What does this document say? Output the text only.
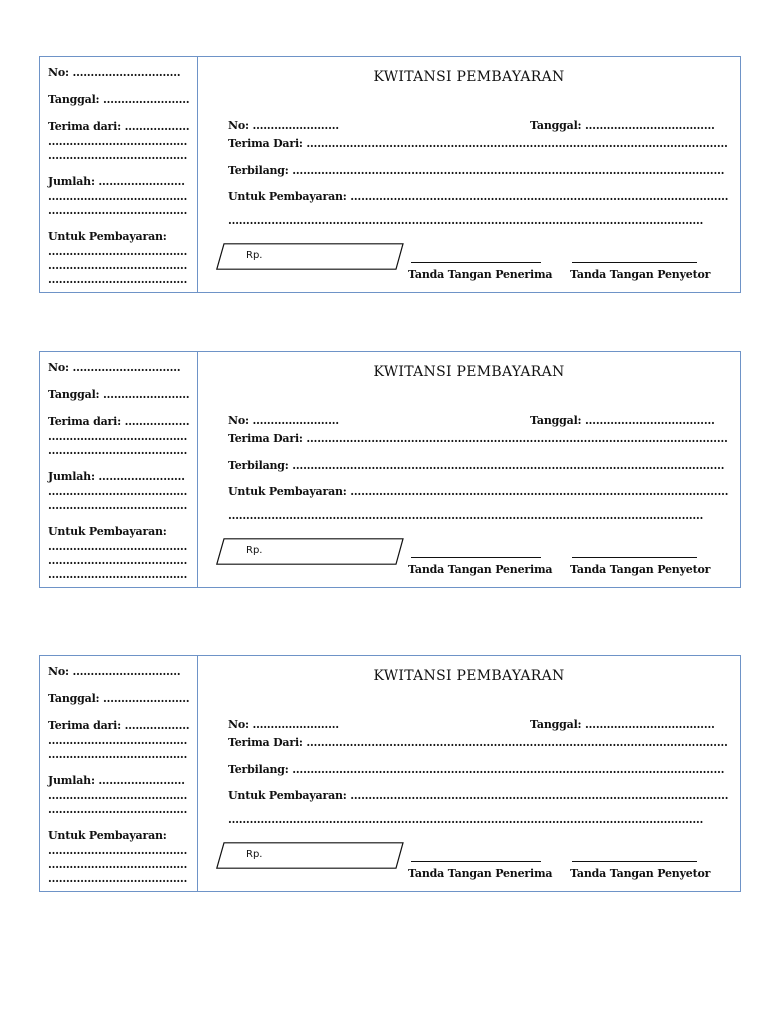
No: …………………………
Tanggal: ……………………
Terima dari: ………………
…………………………………
…………………………………
Jumlah: ……………………
…………………………………
…………………………………
Untuk Pembayaran:
…………………………………
…………………………………
…………………………………
KWITANSI PEMBAYARAN
No: ……………………	Tanggal: ………………………………
Terima Dari: ………………………………………………………………………………………………………
Terbilang: …………………………………………………………………………………………………………
Untuk Pembayaran: ……………………………………………………………………………………………
……………………………………………………………………………………………………………………
Rp.
Tanda Tangan Penerima Tanda Tangan Penyetor
No: …………………………
Tanggal: ……………………
Terima dari: ………………
…………………………………
…………………………………
Jumlah: ……………………
…………………………………
…………………………………
Untuk Pembayaran:
…………………………………
…………………………………
…………………………………
KWITANSI PEMBAYARAN
No: ……………………	Tanggal: ………………………………
Terima Dari: ………………………………………………………………………………………………………
Terbilang: …………………………………………………………………………………………………………
Untuk Pembayaran: ……………………………………………………………………………………………
……………………………………………………………………………………………………………………
Rp.
Tanda Tangan Penerima Tanda Tangan Penyetor
No: …………………………
Tanggal: ……………………
Terima dari: ………………
…………………………………
…………………………………
Jumlah: ……………………
…………………………………
…………………………………
Untuk Pembayaran:
…………………………………
…………………………………
…………………………………
KWITANSI PEMBAYARAN
No: ……………………	Tanggal: ………………………………
Terima Dari: ………………………………………………………………………………………………………
Terbilang: …………………………………………………………………………………………………………
Untuk Pembayaran: ……………………………………………………………………………………………
……………………………………………………………………………………………………………………
Rp.
Tanda Tangan Penerima Tanda Tangan Penyetor
